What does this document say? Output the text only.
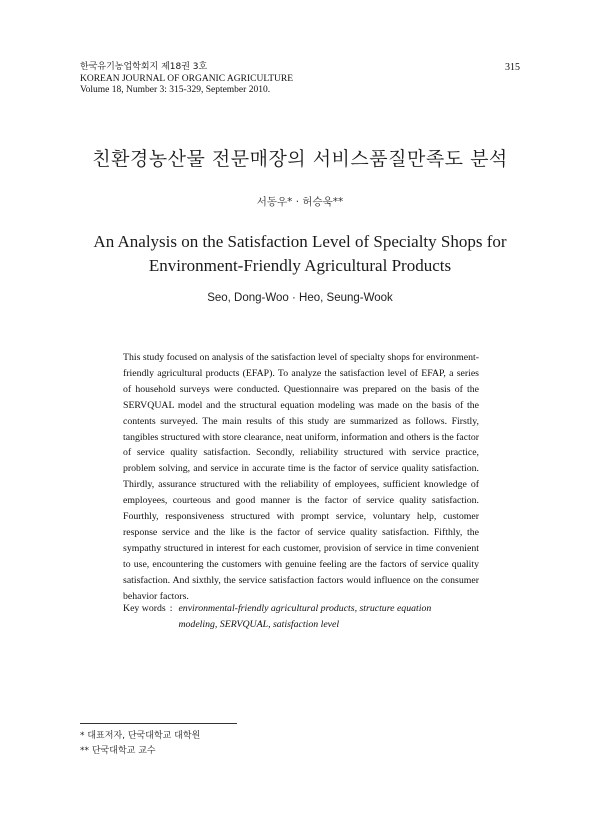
한국유기농업학회지 제18권 3호
KOREAN JOURNAL OF ORGANIC AGRICULTURE
Volume 18, Number 3: 315-329, September 2010.
315
친환경농산물 전문매장의 서비스품질만족도 분석
서동우* · 허승욱**
An Analysis on the Satisfaction Level of Specialty Shops for
Environment-Friendly Agricultural Products
Seo, Dong-Woo · Heo, Seung-Wook

This study focused on analysis of the satisfaction level of specialty shops for environment-friendly agricultural products (EFAP). To analyze the satisfaction level of EFAP, a series of household surveys were conducted. Questionnaire was prepared on the basis of the SERVQUAL model and the structural equation modeling was made on the basis of the contents surveyed. The main results of this study are summarized as follows. Firstly, tangibles structured with store clearance, neat uniform, information and others is the factor of service quality satisfaction. Secondly, reliability structured with service practice, problem solving, and service in accurate time is the factor of service quality satisfaction. Thirdly, assurance structured with the reliability of employees, sufficient knowledge of employees, courteous and good manner is the factor of service quality satisfaction. Fourthly, responsiveness structured with prompt service, voluntary help, customer response service and the like is the factor of service quality satisfaction. Fifthly, the sympathy structured in interest for each customer, provision of service in time convenient to use, encountering the customers with genuine feeling are the factors of service quality satisfaction. And sixthly, the service satisfaction factors would influence on the consumer behavior factors.

Key words : environmental-friendly agricultural products, structure equation modeling, SERVQUAL, satisfaction level
* 대표저자, 단국대학교 대학원
** 단국대학교 교수
